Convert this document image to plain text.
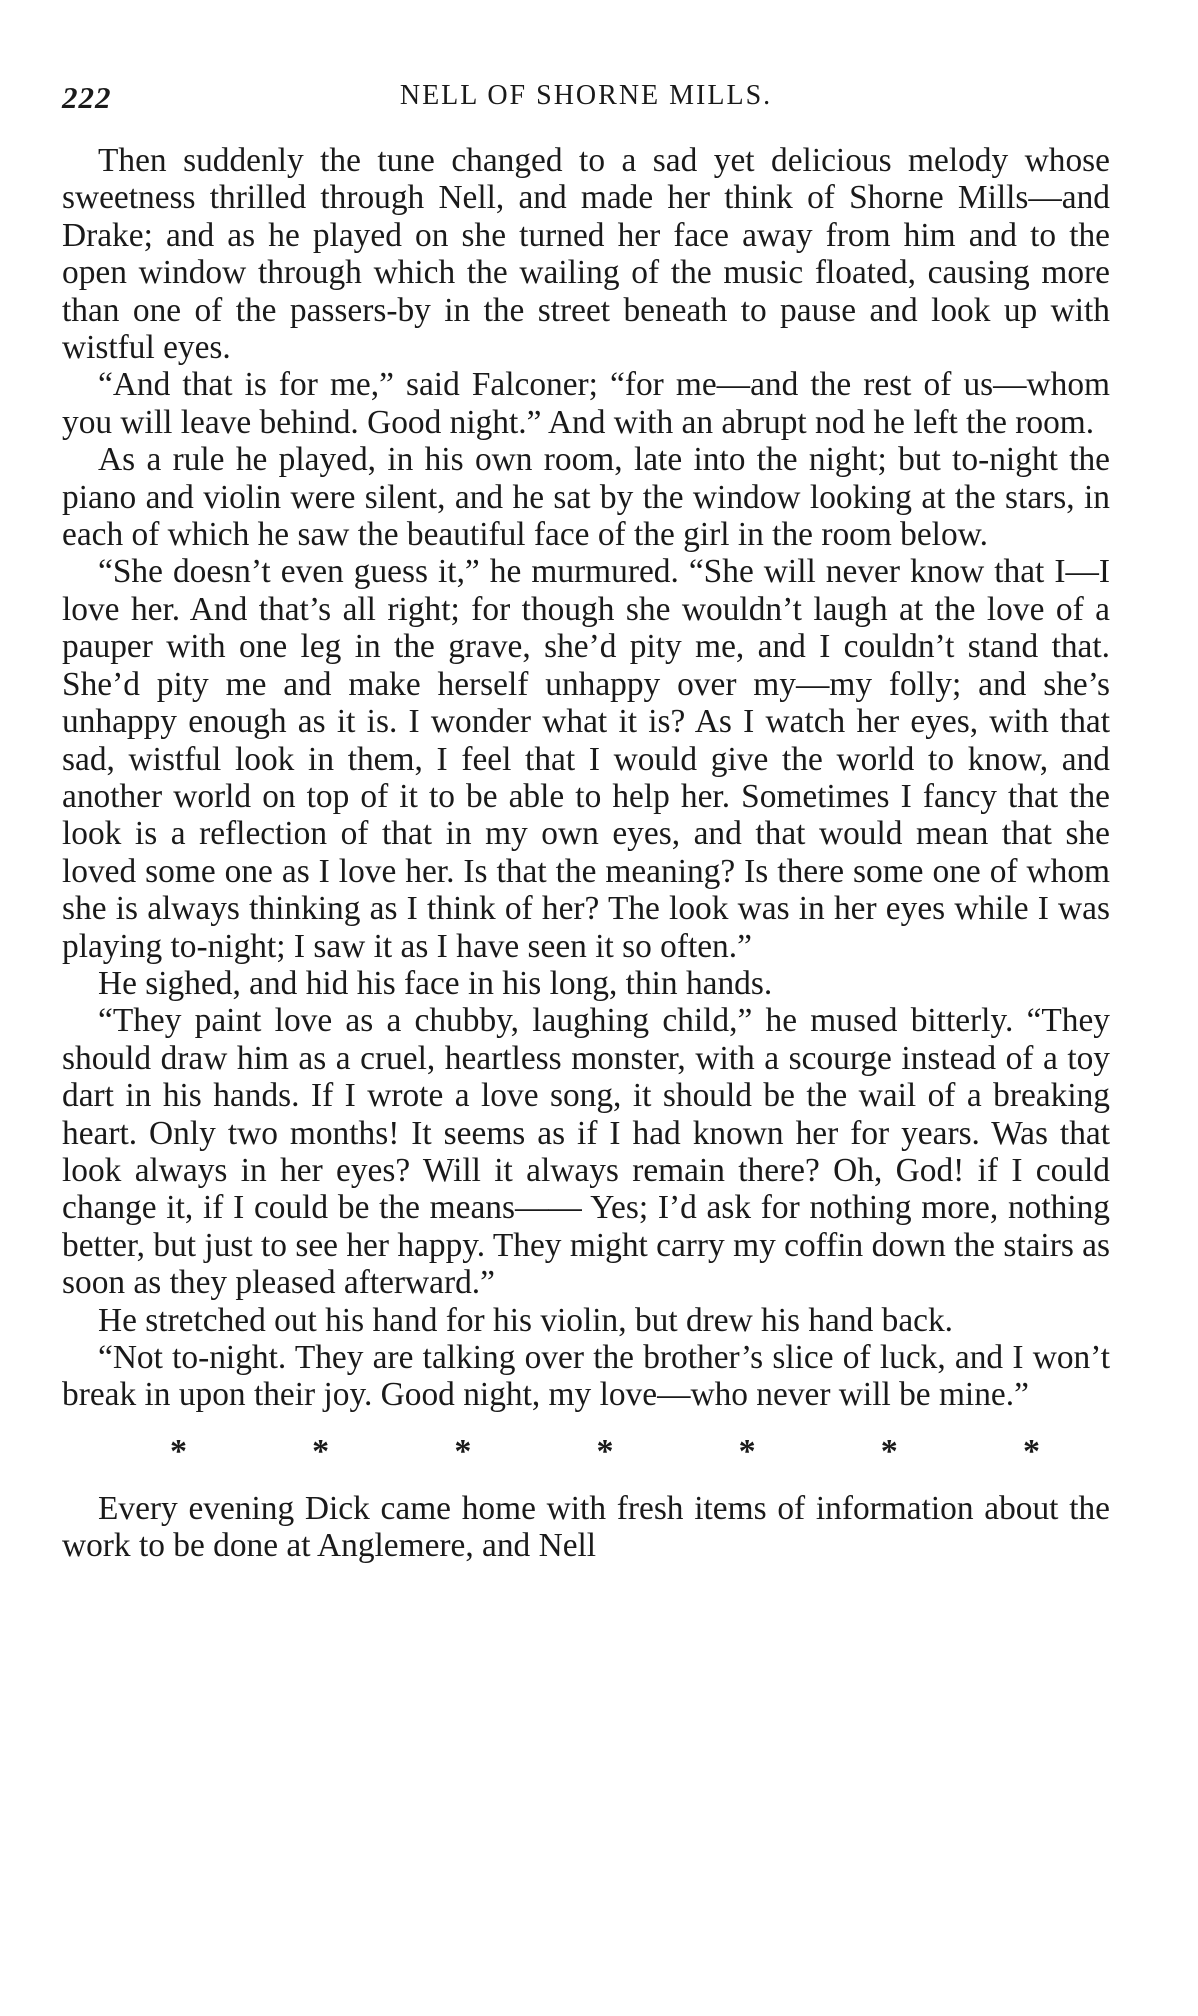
222	NELL OF SHORNE MILLS.

Then suddenly the tune changed to a sad yet delicious melody whose sweetness thrilled through Nell, and made her think of Shorne Mills—and Drake; and as he played on she turned her face away from him and to the open window through which the wailing of the music floated, causing more than one of the passers-by in the street beneath to pause and look up with wistful eyes.

“And that is for me,” said Falconer; “for me—and the rest of us—whom you will leave behind. Good night.” And with an abrupt nod he left the room.

As a rule he played, in his own room, late into the night; but to-night the piano and violin were silent, and he sat by the window looking at the stars, in each of which he saw the beautiful face of the girl in the room below.

“She doesn’t even guess it,” he murmured. “She will never know that I—I love her. And that’s all right; for though she wouldn’t laugh at the love of a pauper with one leg in the grave, she’d pity me, and I couldn’t stand that. She’d pity me and make herself unhappy over my—my folly; and she’s unhappy enough as it is. I wonder what it is? As I watch her eyes, with that sad, wistful look in them, I feel that I would give the world to know, and another world on top of it to be able to help her. Sometimes I fancy that the look is a reflection of that in my own eyes, and that would mean that she loved some one as I love her. Is that the meaning? Is there some one of whom she is always thinking as I think of her? The look was in her eyes while I was playing to-night; I saw it as I have seen it so often.”

He sighed, and hid his face in his long, thin hands.

“They paint love as a chubby, laughing child,” he mused bitterly. “They should draw him as a cruel, heartless monster, with a scourge instead of a toy dart in his hands. If I wrote a love song, it should be the wail of a breaking heart. Only two months! It seems as if I had known her for years. Was that look always in her eyes? Will it always remain there? Oh, God! if I could change it, if I could be the means—— Yes; I’d ask for nothing more, nothing better, but just to see her happy. They might carry my coffin down the stairs as soon as they pleased afterward.”

He stretched out his hand for his violin, but drew his hand back.

“Not to-night. They are talking over the brother’s slice of luck, and I won’t break in upon their joy. Good night, my love—who never will be mine.”

*	*	*	*	*	*	*

Every evening Dick came home with fresh items of information about the work to be done at Anglemere, and Nell
